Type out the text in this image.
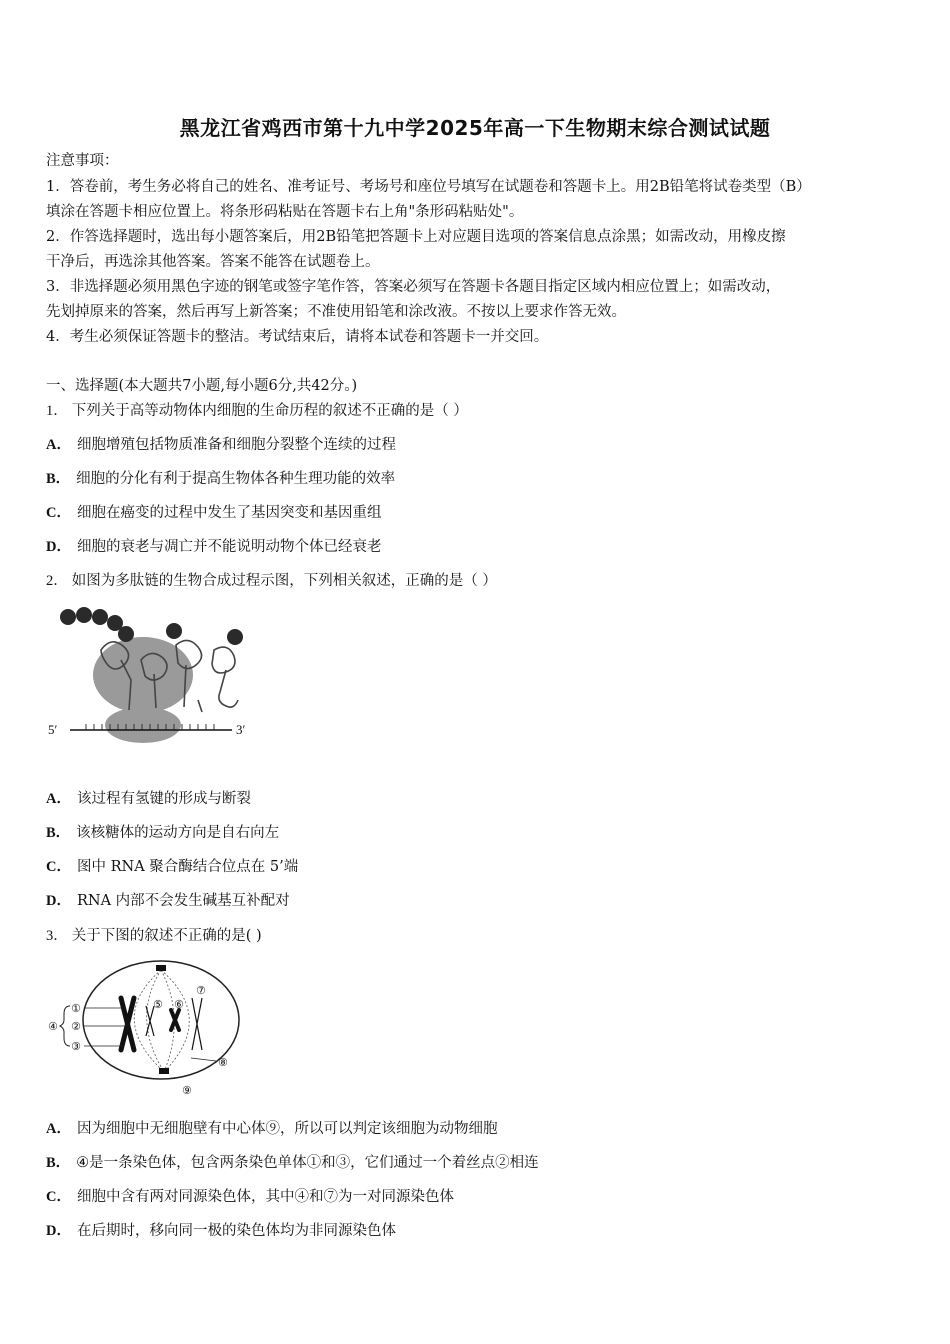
黑龙江省鸡西市第十九中学2025年高一下生物期末综合测试试题
注意事项：
1．答卷前，考生务必将自己的姓名、准考证号、考场号和座位号填写在试题卷和答题卡上。用2B铅笔将试卷类型（B）
填涂在答题卡相应位置上。将条形码粘贴在答题卡右上角"条形码粘贴处"。
2．作答选择题时，选出每小题答案后，用2B铅笔把答题卡上对应题目选项的答案信息点涂黑；如需改动，用橡皮擦
干净后，再选涂其他答案。答案不能答在试题卷上。
3．非选择题必须用黑色字迹的钢笔或签字笔作答，答案必须写在答题卡各题目指定区域内相应位置上；如需改动，
先划掉原来的答案，然后再写上新答案；不准使用铅笔和涂改液。不按以上要求作答无效。
4．考生必须保证答题卡的整洁。考试结束后，请将本试卷和答题卡一并交回。
一、选择题(本大题共7小题,每小题6分,共42分。)
1． 下列关于高等动物体内细胞的生命历程的叙述不正确的是（ ）
A． 细胞增殖包括物质准备和细胞分裂整个连续的过程
B． 细胞的分化有利于提高生物体各种生理功能的效率
C． 细胞在癌变的过程中发生了基因突变和基因重组
D． 细胞的衰老与凋亡并不能说明动物个体已经衰老
2． 如图为多肽链的生物合成过程示图，下列相关叙述，正确的是（ ）
5′	3′
A． 该过程有氢键的形成与断裂
B． 该核糖体的运动方向是自右向左
C． 图中 RNA 聚合酶结合位点在 5’端
D． RNA 内部不会发生碱基互补配对
3． 关于下图的叙述不正确的是( )
①
②
③
④
⑤ ⑥
⑦
⑧
⑨
A． 因为细胞中无细胞壁有中心体⑨，所以可以判定该细胞为动物细胞
B． ④是一条染色体，包含两条染色单体①和③，它们通过一个着丝点②相连
C． 细胞中含有两对同源染色体，其中④和⑦为一对同源染色体
D． 在后期时，移向同一极的染色体均为非同源染色体
